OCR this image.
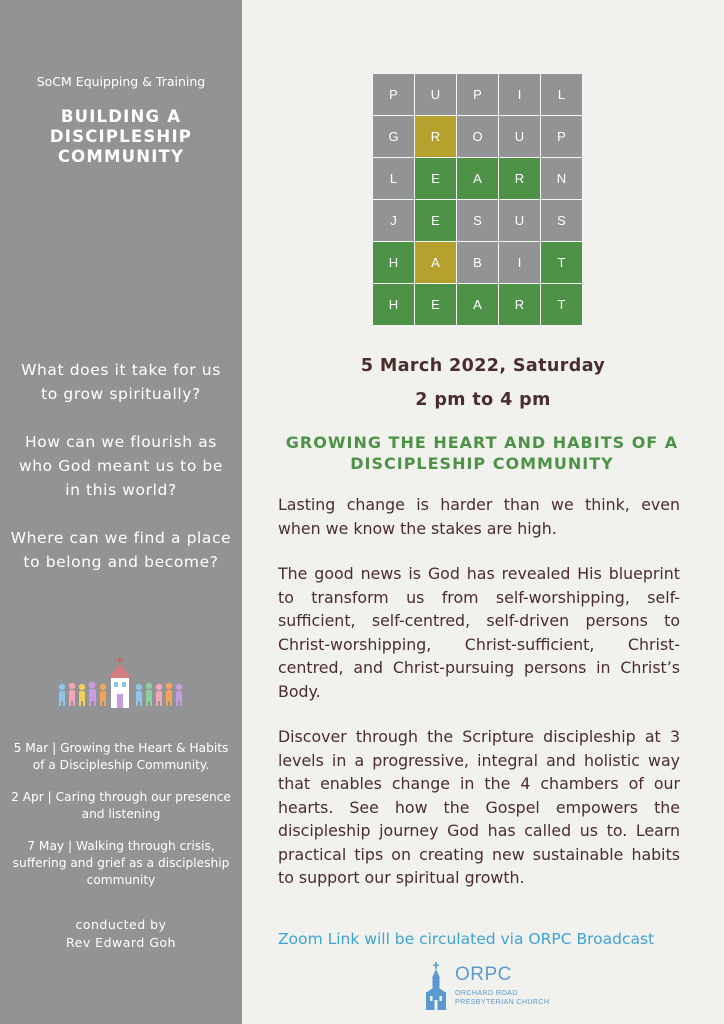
SoCM Equipping & Training
BUILDING A DISCIPLESHIP COMMUNITY

What does it take for us to grow spiritually?

How can we flourish as who God meant us to be in this world?

Where can we find a place to belong and become?

5 Mar | Growing the Heart & Habits of a Discipleship Community.

2 Apr | Caring through our presence and listening

7 May | Walking through crisis, suffering and grief as a discipleship community

conducted by
Rev Edward Goh
P	U	P	I	L
G	R	O	U	P
L	E	A	R	N
J	E	S	U	S
H	A	B	I	T
H	E	A	R	T
5 March 2022, Saturday
2 pm to 4 pm
GROWING THE HEART AND HABITS OF A DISCIPLESHIP COMMUNITY

Lasting change is harder than we think, even when we know the stakes are high.

The good news is God has revealed His blueprint to transform us from self-worshipping, self-sufficient, self-centred, self-driven persons to Christ-worshipping, Christ-sufficient, Christ-centred, and Christ-pursuing persons in Christ’s Body.

Discover through the Scripture discipleship at 3 levels in a progressive, integral and holistic way that enables change in the 4 chambers of our hearts. See how the Gospel empowers the discipleship journey God has called us to. Learn practical tips on creating new sustainable habits to support our spiritual growth.

Zoom Link will be circulated via ORPC Broadcast
ORPC
ORCHARD ROAD
PRESBYTERIAN CHURCH
